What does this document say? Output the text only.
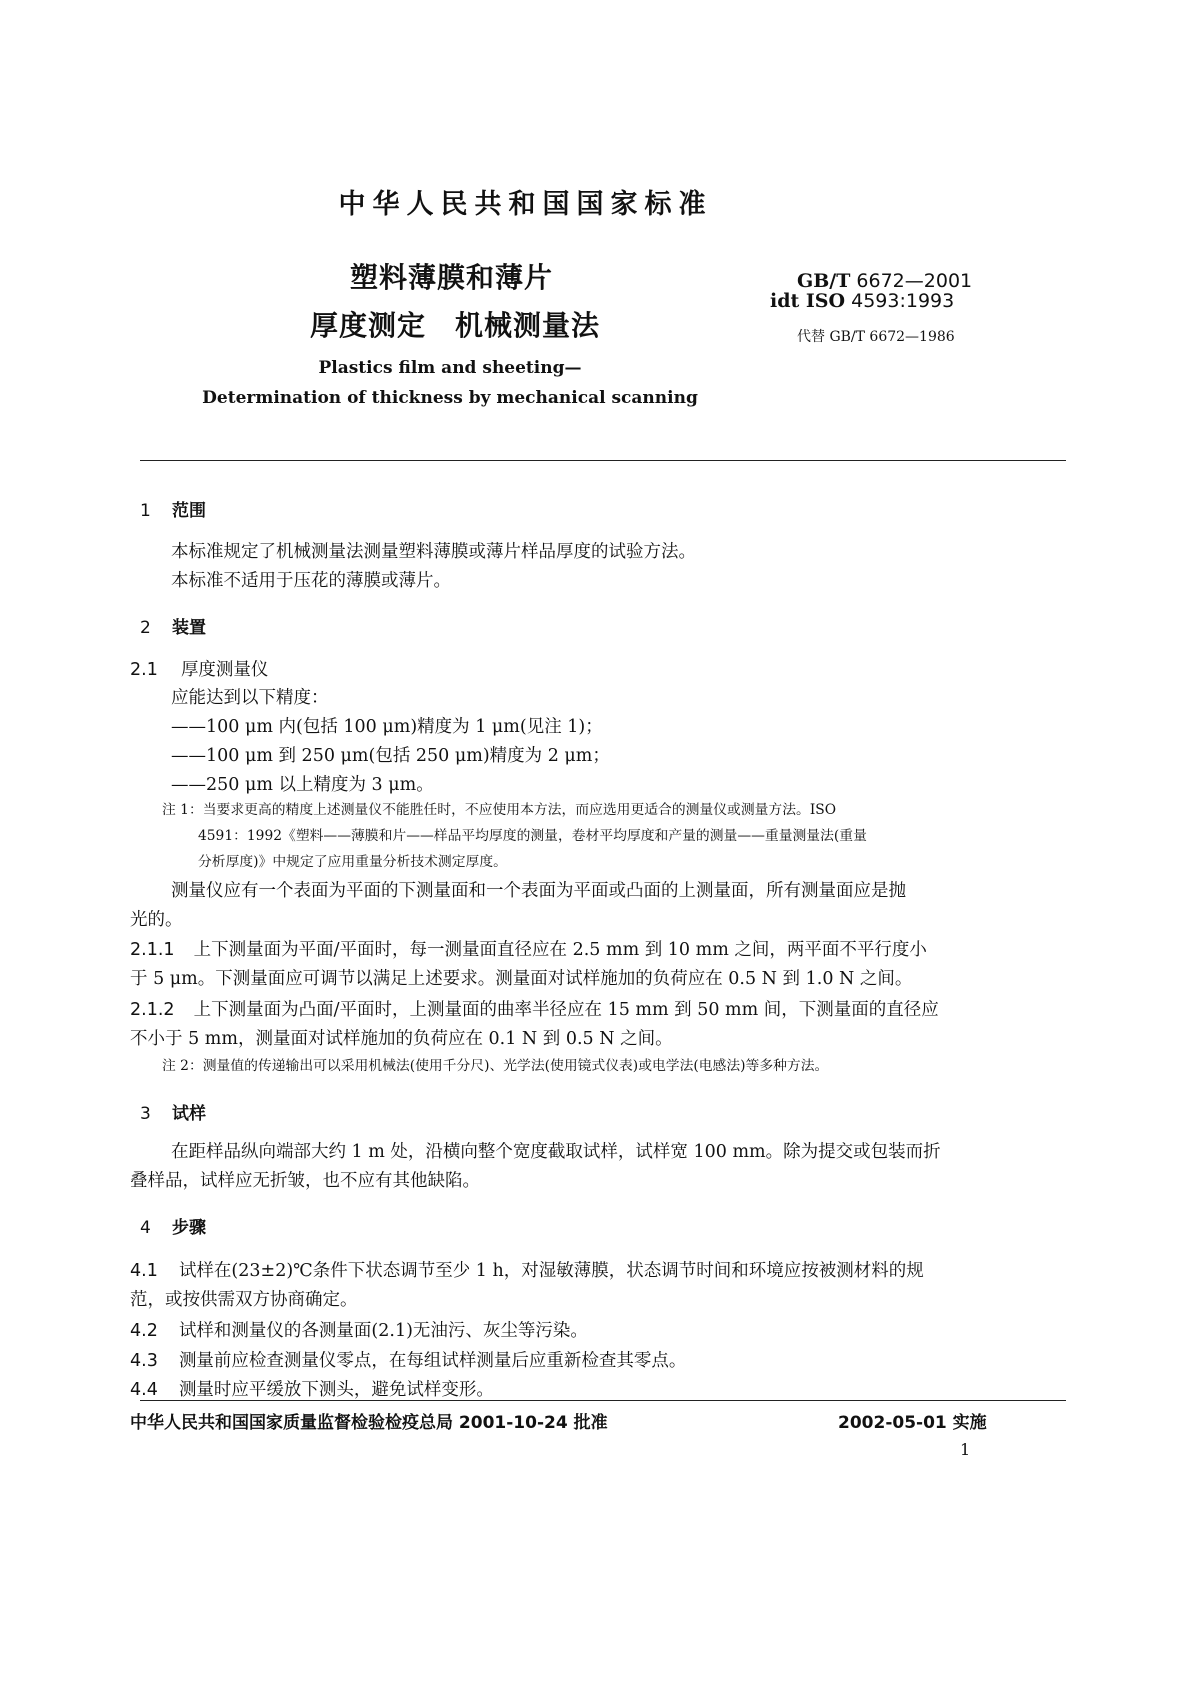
中华人民共和国国家标准
塑料薄膜和薄片
厚度测定　机械测量法
GB/T 6672—2001
idt ISO 4593:1993
代替 GB/T 6672—1986
Plastics film and sheeting—
Determination of thickness by mechanical scanning
1 范围
本标准规定了机械测量法测量塑料薄膜或薄片样品厚度的试验方法。
本标准不适用于压花的薄膜或薄片。
2 装置
2.1 厚度测量仪
应能达到以下精度：
——100 μm 内(包括 100 μm)精度为 1 μm(见注 1)；
——100 μm 到 250 μm(包括 250 μm)精度为 2 μm；
——250 μm 以上精度为 3 μm。
注 1：当要求更高的精度上述测量仪不能胜任时，不应使用本方法，而应选用更适合的测量仪或测量方法。ISO
4591：1992《塑料——薄膜和片——样品平均厚度的测量，卷材平均厚度和产量的测量——重量测量法(重量
分析厚度)》中规定了应用重量分析技术测定厚度。
测量仪应有一个表面为平面的下测量面和一个表面为平面或凸面的上测量面，所有测量面应是抛
光的。
2.1.1 上下测量面为平面/平面时，每一测量面直径应在 2.5 mm 到 10 mm 之间，两平面不平行度小
于 5 μm。下测量面应可调节以满足上述要求。测量面对试样施加的负荷应在 0.5 N 到 1.0 N 之间。
2.1.2 上下测量面为凸面/平面时，上测量面的曲率半径应在 15 mm 到 50 mm 间，下测量面的直径应
不小于 5 mm，测量面对试样施加的负荷应在 0.1 N 到 0.5 N 之间。
注 2：测量值的传递输出可以采用机械法(使用千分尺)、光学法(使用镜式仪表)或电学法(电感法)等多种方法。
3 试样
在距样品纵向端部大约 1 m 处，沿横向整个宽度截取试样，试样宽 100 mm。除为提交或包装而折
叠样品，试样应无折皱，也不应有其他缺陷。
4 步骤
4.1 试样在(23±2)℃条件下状态调节至少 1 h，对湿敏薄膜，状态调节时间和环境应按被测材料的规
范，或按供需双方协商确定。
4.2 试样和测量仪的各测量面(2.1)无油污、灰尘等污染。
4.3 测量前应检查测量仪零点，在每组试样测量后应重新检查其零点。
4.4 测量时应平缓放下测头，避免试样变形。
中华人民共和国国家质量监督检验检疫总局 2001-10-24 批准	2002-05-01 实施
1
